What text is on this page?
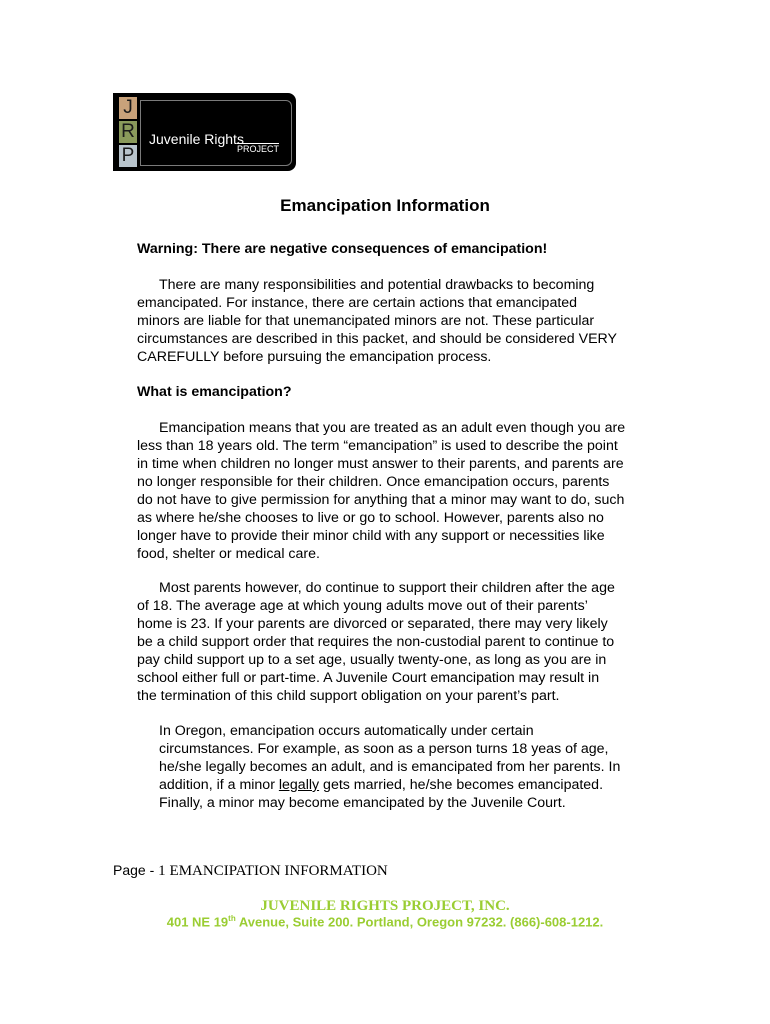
J
R
P
Juvenile Rights
PROJECT
Emancipation Information
Warning: There are negative consequences of emancipation!
There are many responsibilities and potential drawbacks to becoming
emancipated. For instance, there are certain actions that emancipated
minors are liable for that unemancipated minors are not. These particular
circumstances are described in this packet, and should be considered VERY
CAREFULLY before pursuing the emancipation process.
What is emancipation?
Emancipation means that you are treated as an adult even though you are
less than 18 years old. The term “emancipation” is used to describe the point
in time when children no longer must answer to their parents, and parents are
no longer responsible for their children. Once emancipation occurs, parents
do not have to give permission for anything that a minor may want to do, such
as where he/she chooses to live or go to school. However, parents also no
longer have to provide their minor child with any support or necessities like
food, shelter or medical care.
Most parents however, do continue to support their children after the age
of 18. The average age at which young adults move out of their parents’
home is 23. If your parents are divorced or separated, there may very likely
be a child support order that requires the non-custodial parent to continue to
pay child support up to a set age, usually twenty-one, as long as you are in
school either full or part-time. A Juvenile Court emancipation may result in
the termination of this child support obligation on your parent’s part.
In Oregon, emancipation occurs automatically under certain
circumstances. For example, as soon as a person turns 18 yeas of age,
he/she legally becomes an adult, and is emancipated from her parents. In
addition, if a minor legally gets married, he/she becomes emancipated.
Finally, a minor may become emancipated by the Juvenile Court.
Page - 1 EMANCIPATION INFORMATION
JUVENILE RIGHTS PROJECT, INC.
401 NE 19th Avenue, Suite 200. Portland, Oregon 97232. (866)-608-1212.
